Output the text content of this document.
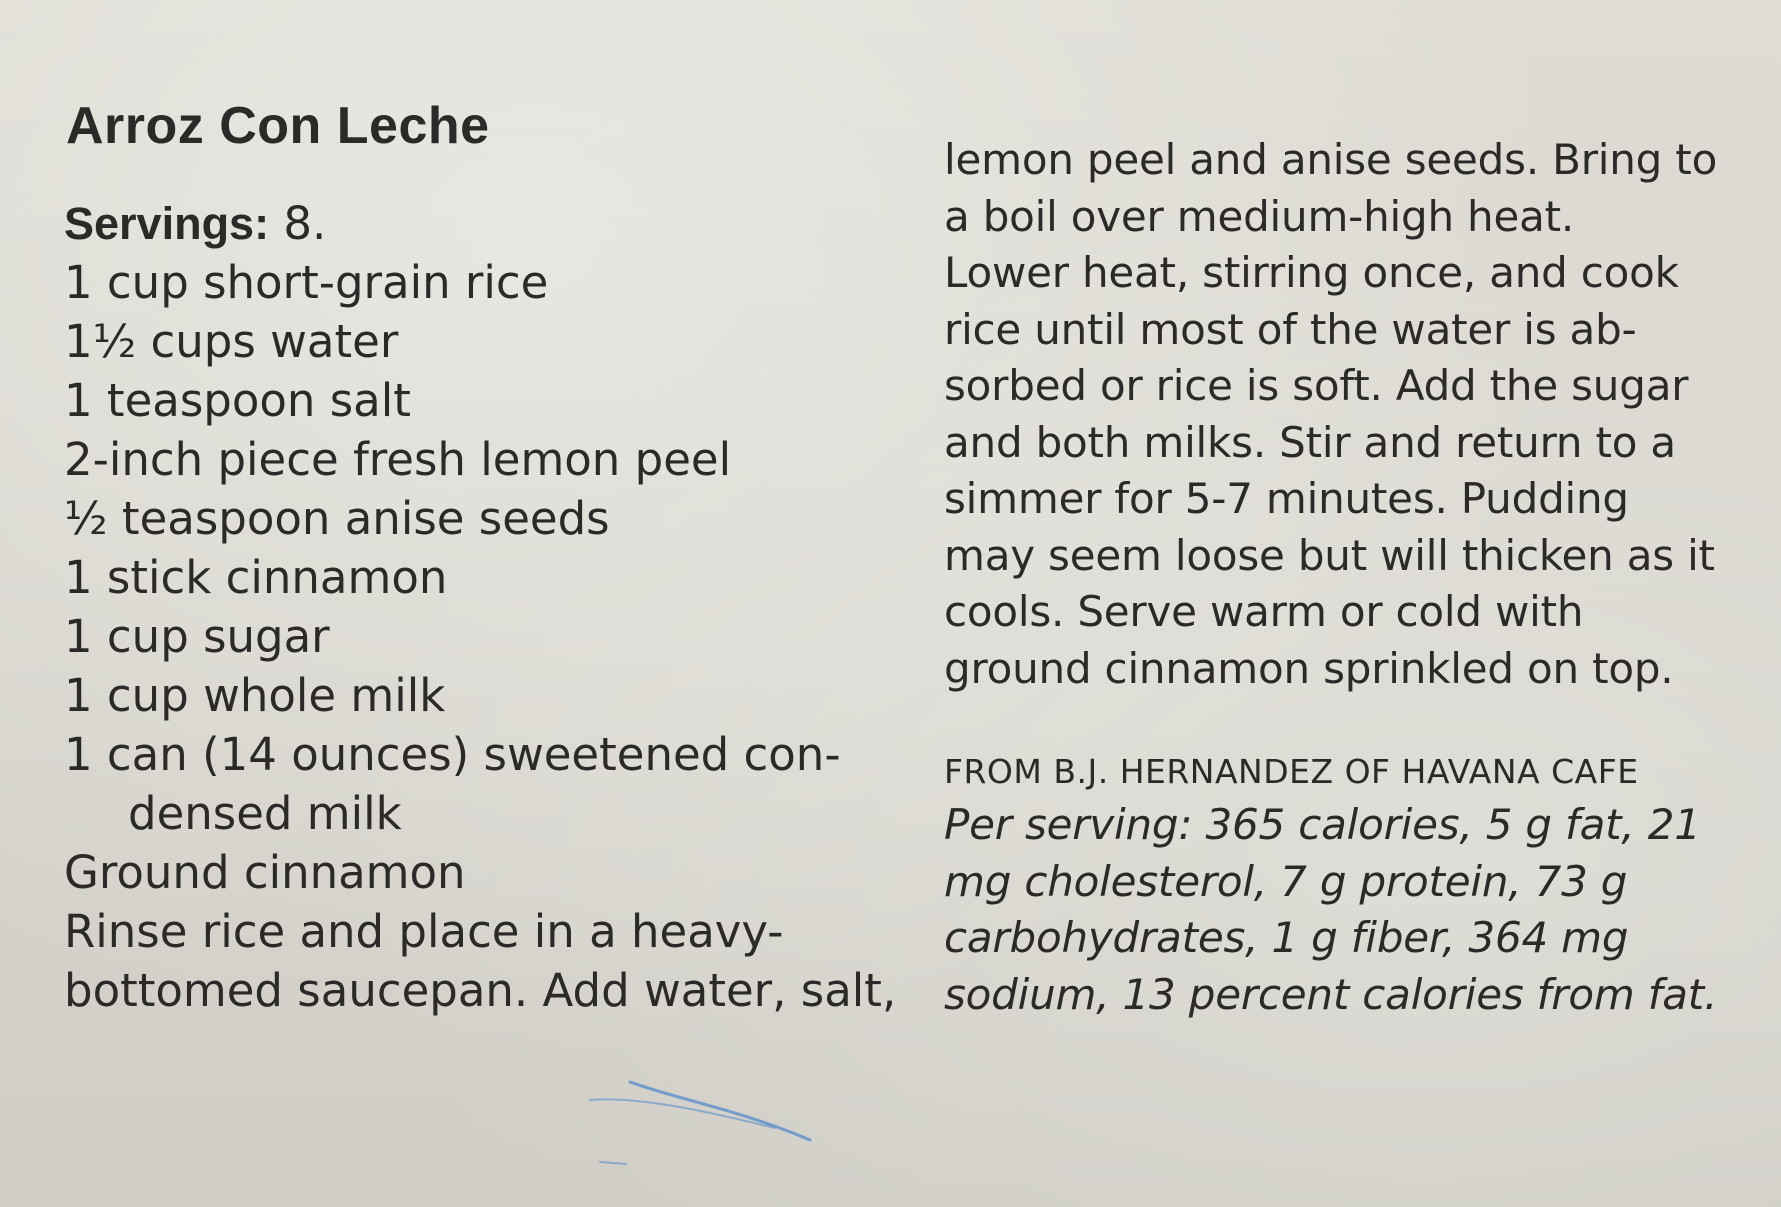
Arroz Con Leche
Servings: 8.
1 cup short-grain rice
1½ cups water
1 teaspoon salt
2-inch piece fresh lemon peel
½ teaspoon anise seeds
1 stick cinnamon
1 cup sugar
1 cup whole milk
1 can (14 ounces) sweetened con-
densed milk
Ground cinnamon
Rinse rice and place in a heavy-
bottomed saucepan. Add water, salt,
lemon peel and anise seeds. Bring to
a boil over medium-high heat.
Lower heat, stirring once, and cook
rice until most of the water is ab-
sorbed or rice is soft. Add the sugar
and both milks. Stir and return to a
simmer for 5-7 minutes. Pudding
may seem loose but will thicken as it
cools. Serve warm or cold with
ground cinnamon sprinkled on top.
FROM B.J. HERNANDEZ OF HAVANA CAFE
Per serving: 365 calories, 5 g fat, 21
mg cholesterol, 7 g protein, 73 g
carbohydrates, 1 g fiber, 364 mg
sodium, 13 percent calories from fat.
